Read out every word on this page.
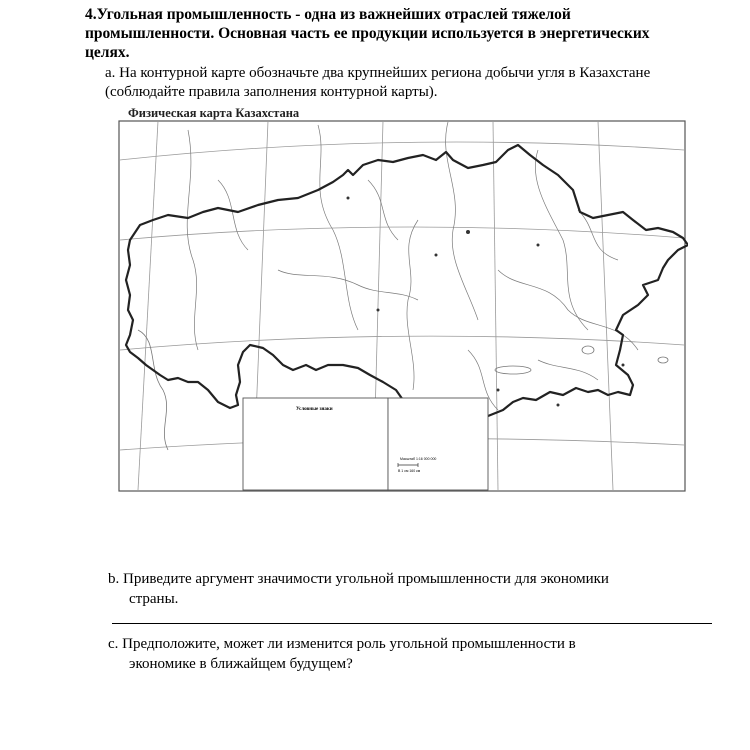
4.Угольная промышленность - одна из важнейших отраслей тяжелой промышленности. Основная часть ее продукции используется в энергетических целях.

a. На контурной карте обозначьте два крупнейших региона добычи угля в Казахстане (соблюдайте правила заполнения контурной карты).

Физическая карта Казахстана

Условные знаки
Масштаб 1:16 000 000
В 1 см 160 км
b. Приведите аргумент значимости угольной промышленности для экономики
страны.
c. Предположите, может ли изменится роль угольной промышленности в
экономике в ближайщем будущем?
